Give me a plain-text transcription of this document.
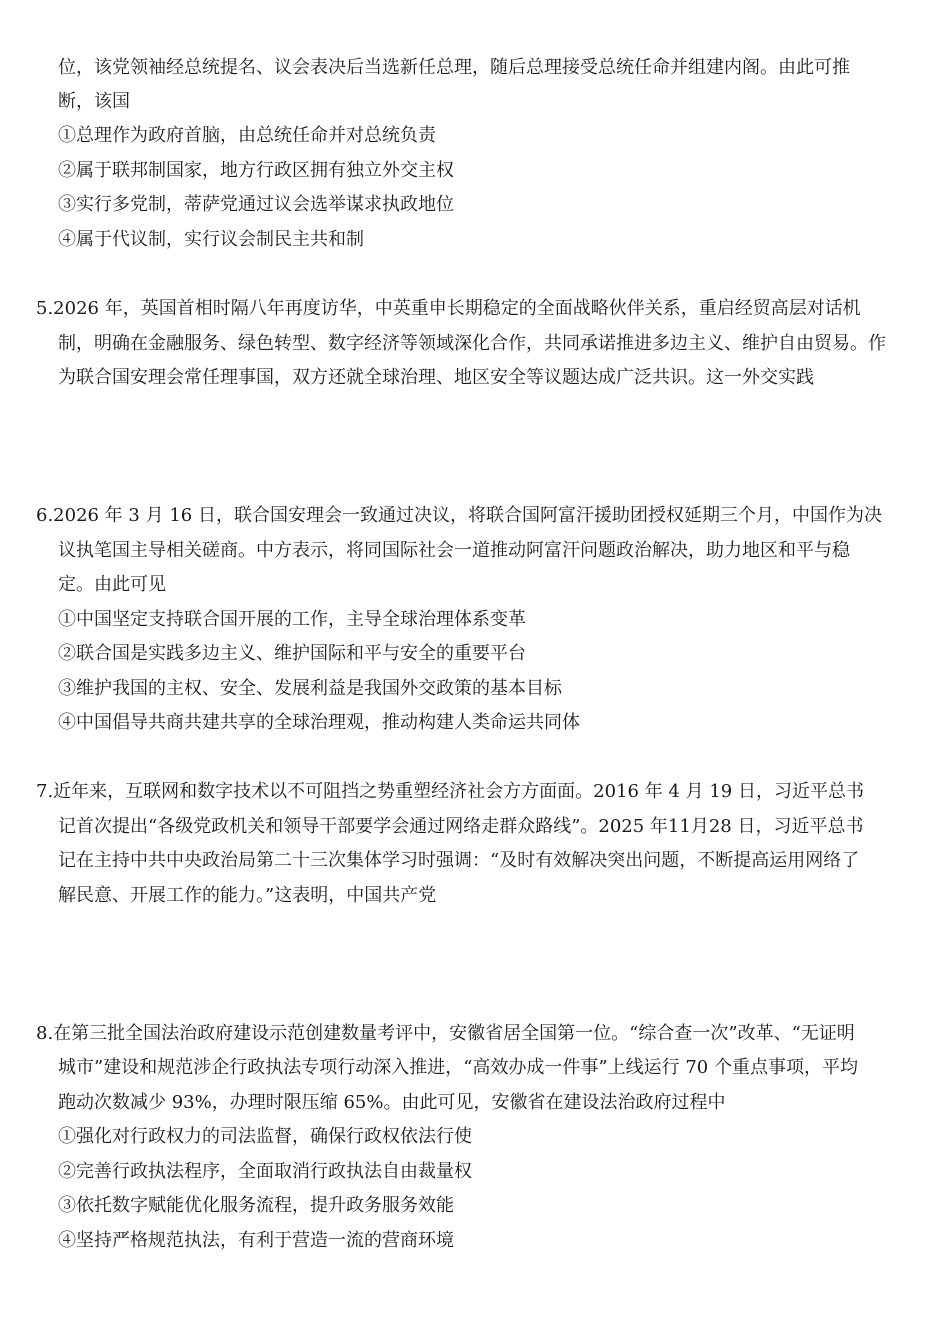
位，该党领袖经总统提名、议会表决后当选新任总理，随后总理接受总统任命并组建内阁。由此可推
断，该国
①总理作为政府首脑，由总统任命并对总统负责
②属于联邦制国家，地方行政区拥有独立外交主权
③实行多党制，蒂萨党通过议会选举谋求执政地位
④属于代议制，实行议会制民主共和制
5.2026 年，英国首相时隔八年再度访华，中英重申长期稳定的全面战略伙伴关系，重启经贸高层对话机
制，明确在金融服务、绿色转型、数字经济等领域深化合作，共同承诺推进多边主义、维护自由贸易。作
为联合国安理会常任理事国，双方还就全球治理、地区安全等议题达成广泛共识。这一外交实践
6.2026 年 3 月 16 日，联合国安理会一致通过决议，将联合国阿富汗援助团授权延期三个月，中国作为决
议执笔国主导相关磋商。中方表示，将同国际社会一道推动阿富汗问题政治解决，助力地区和平与稳
定。由此可见
①中国坚定支持联合国开展的工作，主导全球治理体系变革
②联合国是实践多边主义、维护国际和平与安全的重要平台
③维护我国的主权、安全、发展利益是我国外交政策的基本目标
④中国倡导共商共建共享的全球治理观，推动构建人类命运共同体
7.近年来，互联网和数字技术以不可阻挡之势重塑经济社会方方面面。2016 年 4 月 19 日，习近平总书
记首次提出“各级党政机关和领导干部要学会通过网络走群众路线”。2025 年11月28 日，习近平总书
记在主持中共中央政治局第二十三次集体学习时强调：“及时有效解决突出问题，不断提高运用网络了
解民意、开展工作的能力。”这表明，中国共产党
8.在第三批全国法治政府建设示范创建数量考评中，安徽省居全国第一位。“综合查一次”改革、“无证明
城市”建设和规范涉企行政执法专项行动深入推进，“高效办成一件事”上线运行 70 个重点事项，平均
跑动次数减少 93%，办理时限压缩 65%。由此可见，安徽省在建设法治政府过程中
①强化对行政权力的司法监督，确保行政权依法行使
②完善行政执法程序，全面取消行政执法自由裁量权
③依托数字赋能优化服务流程，提升政务服务效能
④坚持严格规范执法，有利于营造一流的营商环境
